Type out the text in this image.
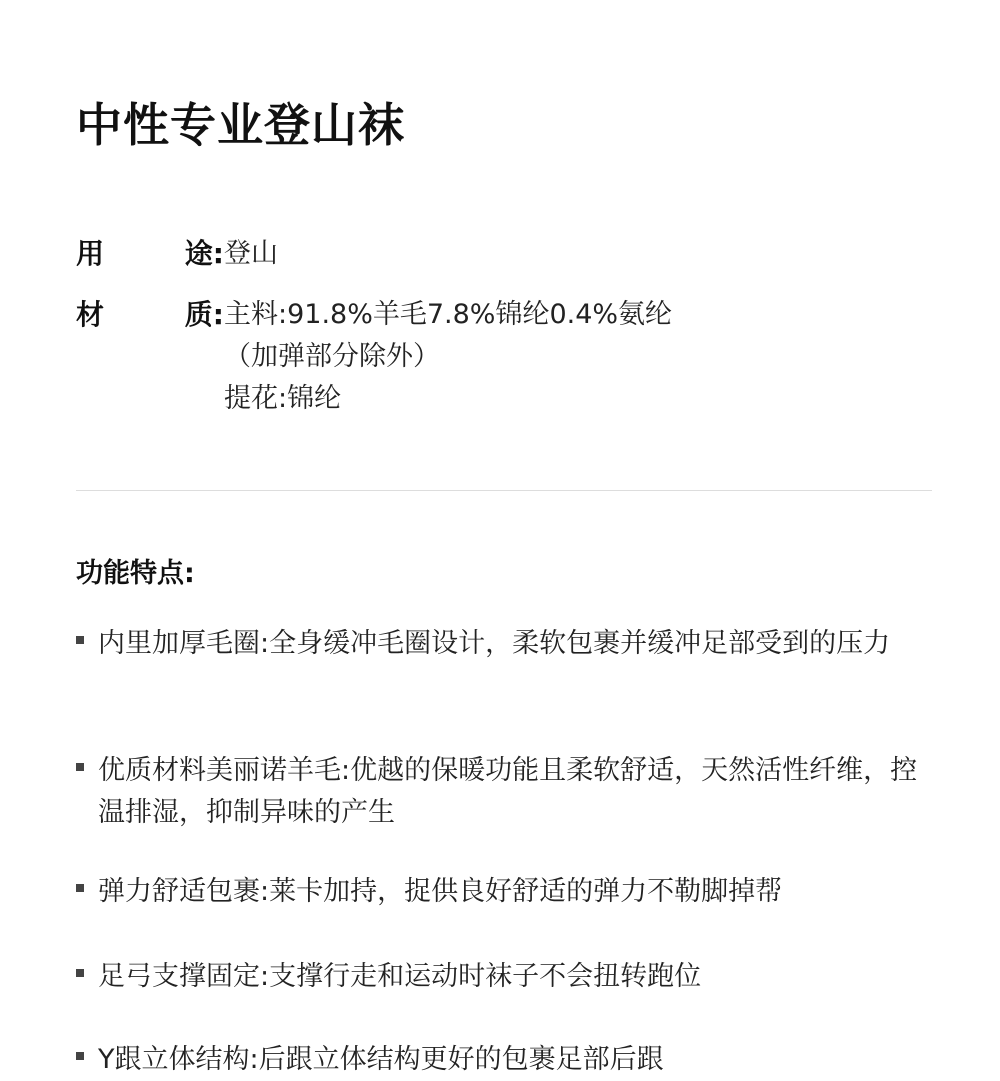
中性专业登山袜
用	途: 登山
材	质: 主料:91.8%羊毛7.8%锦纶0.4%氨纶
（加弹部分除外）
提花:锦纶
功能特点:
内里加厚毛圈:全身缓冲毛圈设计，柔软包裹并缓冲足部受到的压力
优质材料美丽诺羊毛:优越的保暖功能且柔软舒适，天然活性纤维，控温排湿，抑制异味的产生
弹力舒适包裹:莱卡加持，捉供良好舒适的弹力不勒脚掉帮
足弓支撑固定:支撑行走和运动时袜子不会扭转跑位
Y跟立体结构:后跟立体结构更好的包裹足部后跟
